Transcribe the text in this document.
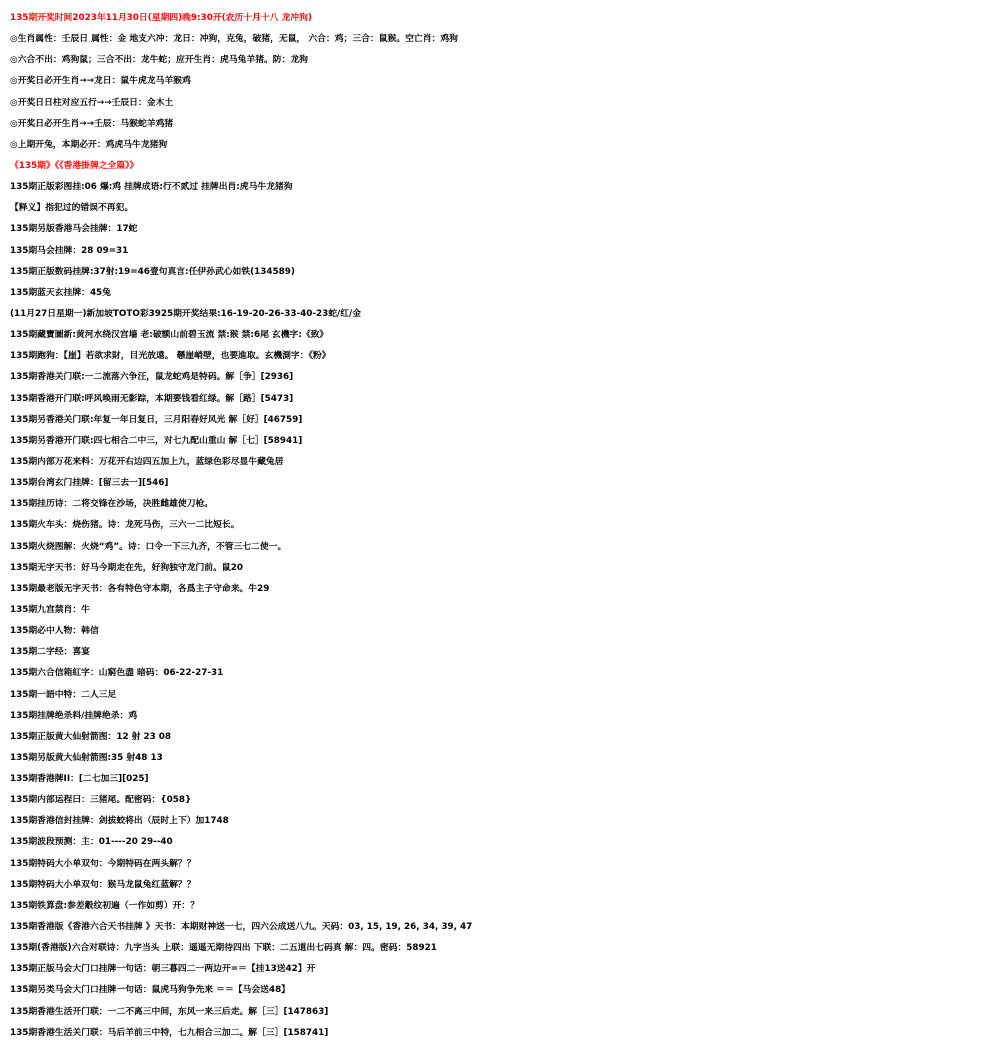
135期开奖时间2023年11月30日(星期四)晚9:30开(农历十月十八 龙冲狗)
◎生肖属性：壬辰日 属性：金 地支六冲：龙日：冲狗，克兔，破猪，无鼠， 六合：鸡；三合：鼠猴。空亡肖：鸡狗
◎六合不出：鸡狗鼠；三合不出：龙牛蛇；应开生肖：虎马兔羊猪。防：龙狗
◎开奖日必开生肖→→龙日：鼠牛虎龙马羊猴鸡
◎开奖日日柱对应五行→→壬辰日：金木土
◎开奖日必开生肖→→壬辰：马猴蛇羊鸡猪
◎上期开兔，本期必开：鸡虎马牛龙猪狗
《135期》《《香港掛牌之全篇》》
135期正版彩图挂:06 爆:鸡 挂牌成语:行不贰过 挂牌出肖:虎马牛龙猪狗
【释义】指犯过的错误不再犯。
135期另版香港马会挂牌：17蛇
135期马会挂牌：28 09=31
135期正版数码挂牌:37射:19=46壹句真言:任伊孙武心如铁(134589)
135期蓝天玄挂牌：45兔
(11月27日星期一)新加坡TOTO彩3925期开奖结果:16-19-20-26-33-40-23蛇/红/金
135期藏寶圖新:黄河水绕汉宫墙 老:破额山前碧玉流 禁:猴 禁:6尾 玄機字:《致》
135期跑狗：【崖】若欲求財，目光放遠。 懸崖峭壁，也要進取。玄機測字：《粉》
135期香港关门联:一二流落六争汪，鼠龙蛇鸡是特码。解［争］[2936]
135期香港开门联:呼风唤雨无影踪，本期要钱看红绿。解［路］[5473]
135期另香港关门联:年复一年日复日，三月阳春好风光 解［好］[46759]
135期另香港开门联:四七相合二中三，对七九配山重山 解［七］[58941]
135期内部万花来料：万花开右边四五加上九，蓝绿色彩尽显牛藏兔居
135期台湾玄门挂牌：[留三去一][546]
135期挂历诗：二将交锋在沙场，决胜雌雄使刀枪。
135期火车头：烧伤猪。诗：龙死马伤，三六一二比短长。
135期火烧图解：火烧“鸡”。诗：口令一下三九齐，不管三七二使一。
135期无字天书：好马今期走在先，好狗独守龙门前。鼠20
135期最老版无字天书：各有特色守本期，各爲主子守命来。牛29
135期九宫禁肖：牛
135期必中人物：韩信
135期二字经：喜宴
135期六合信箱紅字：山窮色盡 暗码：06-22-27-31
135期一語中特：二人三足
135期挂牌绝杀料/挂牌绝杀：鸡
135期正版黄大仙射箭图：12 射 23 08
135期另版黄大仙射箭图:35 射48 13
135期香港牌II：[二七加三][025]
135期内部运程曰：三猪尾。配密码：{058}
135期香港信封挂牌：剑拔蛟将出（辰时上下）加1748
135期波段预测：主：01----20 29--40
135期特码大小单双句：今期特码在两头解？？
135期特码大小单双句：猴马龙鼠兔红蓝解？？
135期铁算盘:参差觳纹初遍（一作如剪）开：？
135期香港版《香港六合天书挂牌 》天书：本期财神送一七，四六公成送八九。天码：03, 15, 19, 26, 34, 39, 47
135期(香港版)六合对联诗：九字当头 上联：遥遥无期待四出 下联：二五道出七码真 解：四。密码：58921
135期正版马会大门口挂牌一句话：朝三暮四二一两边开=＝【挂13送42】开
135期另类马会大门口挂牌一句话：鼠虎马狗争先来 ＝＝【马会送48】
135期香港生活开门联：一二不离三中间，东风一来三后走。解［三］[147863]
135期香港生活关门联：马后羊前三中特，七九相合三加二。解［三］[158741]
